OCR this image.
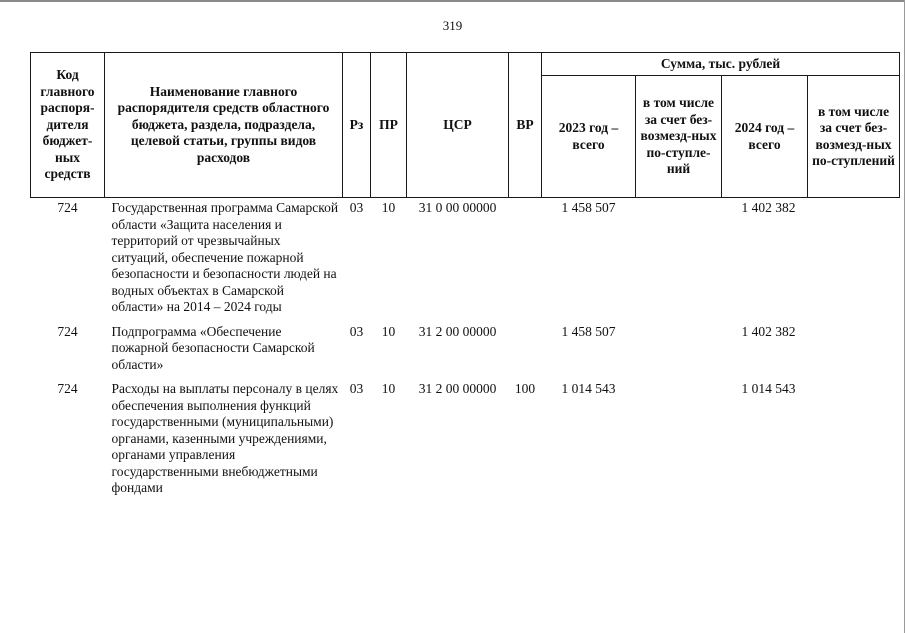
319
Код главного распоря-дителя бюджет-ных средств	Наименование главного распорядителя средств областного бюджета, раздела, подраздела, целевой статьи, группы видов расходов	Рз	ПР	ЦСР	ВР	Сумма, тыс. рублей			
						2023 год – всего	в том числе за счет без-возмезд-ных по-ступле-ний	2024 год – всего	в том числе за счет без-возмезд-ных по-ступлений
724	Государственная программа Самарской области «Защита населения и территорий от чрезвычайных ситуаций, обеспечение пожарной безопасности и безопасности людей на водных объектах в Самарской области» на 2014 – 2024 годы	03	10	31 0 00 00000		1 458 507		1 402 382	
724	Подпрограмма «Обеспечение пожарной безопасности Самарской области»	03	10	31 2 00 00000		1 458 507		1 402 382	
724	Расходы на выплаты персоналу в целях обеспечения выполнения функций государственными (муниципальными) органами, казенными учреждениями, органами управления государственными внебюджетными фондами	03	10	31 2 00 00000	100	1 014 543		1 014 543	
